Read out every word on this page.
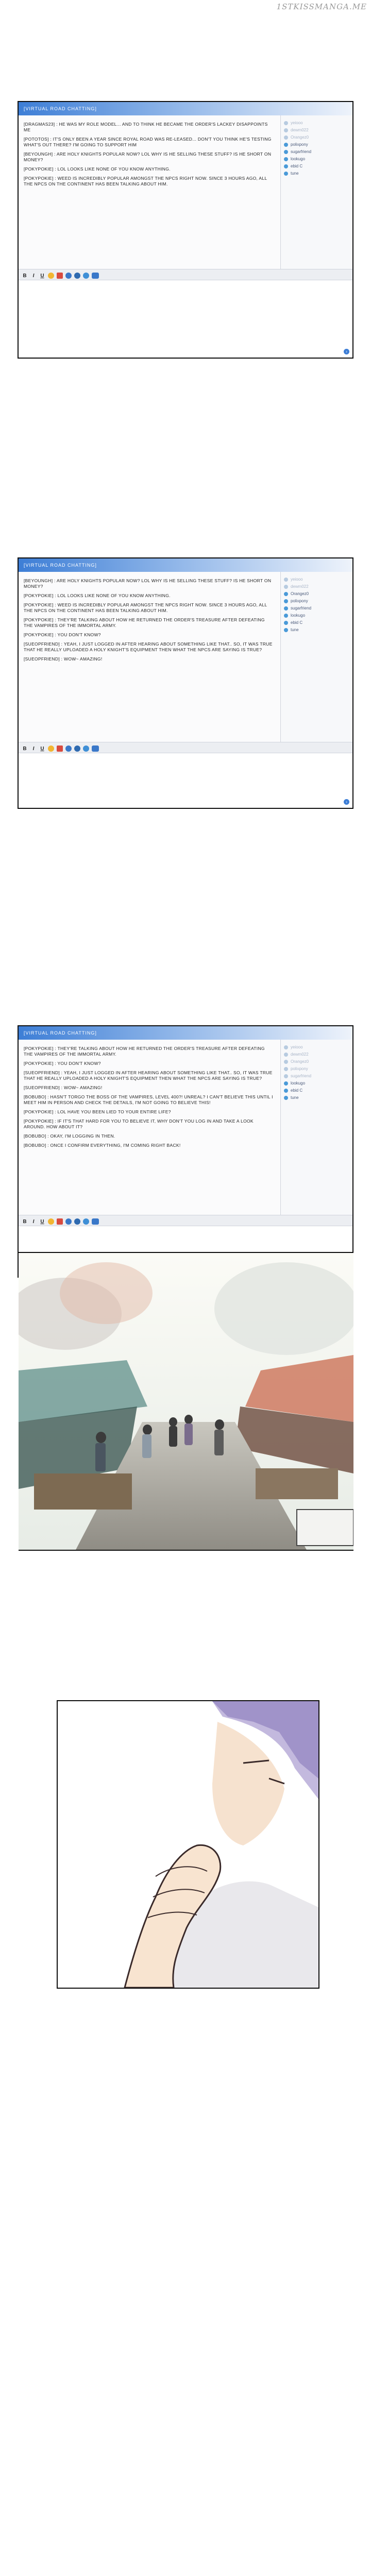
1STKISSMANGA.ME
[VIRTUAL ROAD CHATTING]

[DRAGMAS23] : HE WAS MY ROLE MODEL... AND TO THINK HE BECAME THE ORDER'S LACKEY DISAPPOINTS ME

[POTOTOS] : IT'S ONLY BEEN A YEAR SINCE ROYAL ROAD WAS RE-LEASED... DON'T YOU THINK HE'S TESTING WHAT'S OUT THERE? I'M GOING TO SUPPORT HIM

[BEYOUNGH] : ARE HOLY KNIGHTS POPULAR NOW? LOL WHY IS HE SELLING THESE STUFF? IS HE SHORT ON MONEY?

[POKYPOKIE] : LOL LOOKS LIKE NONE OF YOU KNOW ANYTHING.

[POKYPOKIE] : WEED IS INCREDIBLY POPULAR AMONGST THE NPCS RIGHT NOW. SINCE 3 HOURS AGO, ALL THE NPCS ON THE CONTINENT HAS BEEN TALKING ABOUT HIM.

yeiooo
dewm022
Orangez0
polixpony
sugarfriend
lookugo
ebid C
tune
B	I	U
›
[VIRTUAL ROAD CHATTING]

[BEYOUNGH] : ARE HOLY KNIGHTS POPULAR NOW? LOL WHY IS HE SELLING THESE STUFF? IS HE SHORT ON MONEY?

[POKYPOKIE] : LOL LOOKS LIKE NONE OF YOU KNOW ANYTHING.

[POKYPOKIE] : WEED IS INCREDIBLY POPULAR AMONGST THE NPCS RIGHT NOW. SINCE 3 HOURS AGO, ALL THE NPCS ON THE CONTINENT HAS BEEN TALKING ABOUT HIM.

[POKYPOKIE] : THEY'RE TALKING ABOUT HOW HE RETURNED THE ORDER'S TREASURE AFTER DEFEATING THE VAMPIRES OF THE IMMORTAL ARMY.

[POKYPOKIE] : YOU DON'T KNOW?

[SUEOPFRIEND] : YEAH, I JUST LOGGED IN AFTER HEARING ABOUT SOMETHING LIKE THAT.. SO, IT WAS TRUE THAT HE REALLY UPLOADED A HOLY KNIGHT'S EQUIPMENT THEN WHAT THE NPCS ARE SAYING IS TRUE?

[SUEOPFRIEND] : WOW~ AMAZING!

yeiooo
dewm022
Orangez0
polixpony
sugarfriend
lookugo
ebid C
tune
B	I	U
›
[VIRTUAL ROAD CHATTING]

[POKYPOKIE] : THEY'RE TALKING ABOUT HOW HE RETURNED THE ORDER'S TREASURE AFTER DEFEATING THE VAMPIRES OF THE IMMORTAL ARMY.

[POKYPOKIE] : YOU DON'T KNOW?

[SUEOPFRIEND] : YEAH, I JUST LOGGED IN AFTER HEARING ABOUT SOMETHING LIKE THAT.. SO, IT WAS TRUE THAT HE REALLY UPLOADED A HOLY KNIGHT'S EQUIPMENT THEN WHAT THE NPCS ARE SAYING IS TRUE?

[SUEOPFRIEND] : WOW~ AMAZING!

[BOBUBO] : HASN'T TORGO THE BOSS OF THE VAMPIRES, LEVEL 400?! UNREAL? I CAN'T BELIEVE THIS UNTIL I MEET HIM IN PERSON AND CHECK THE DETAILS, I'M NOT GOING TO BELIEVE THIS!

[POKYPOKIE] : LOL HAVE YOU BEEN LIED TO YOUR ENTIRE LIFE?

[POKYPOKIE] : IF IT'S THAT HARD FOR YOU TO BELIEVE IT, WHY DON'T YOU LOG IN AND TAKE A LOOK AROUND. HOW ABOUT IT?

[BOBUBO] : OKAY, I'M LOGGING IN THEN.

[BOBUBO] : ONCE I CONFIRM EVERYTHING, I'M COMING RIGHT BACK!

yeiooo
dewm022
Orangez0
polixpony
sugarfriend
lookugo
ebid C
tune
B	I	U
